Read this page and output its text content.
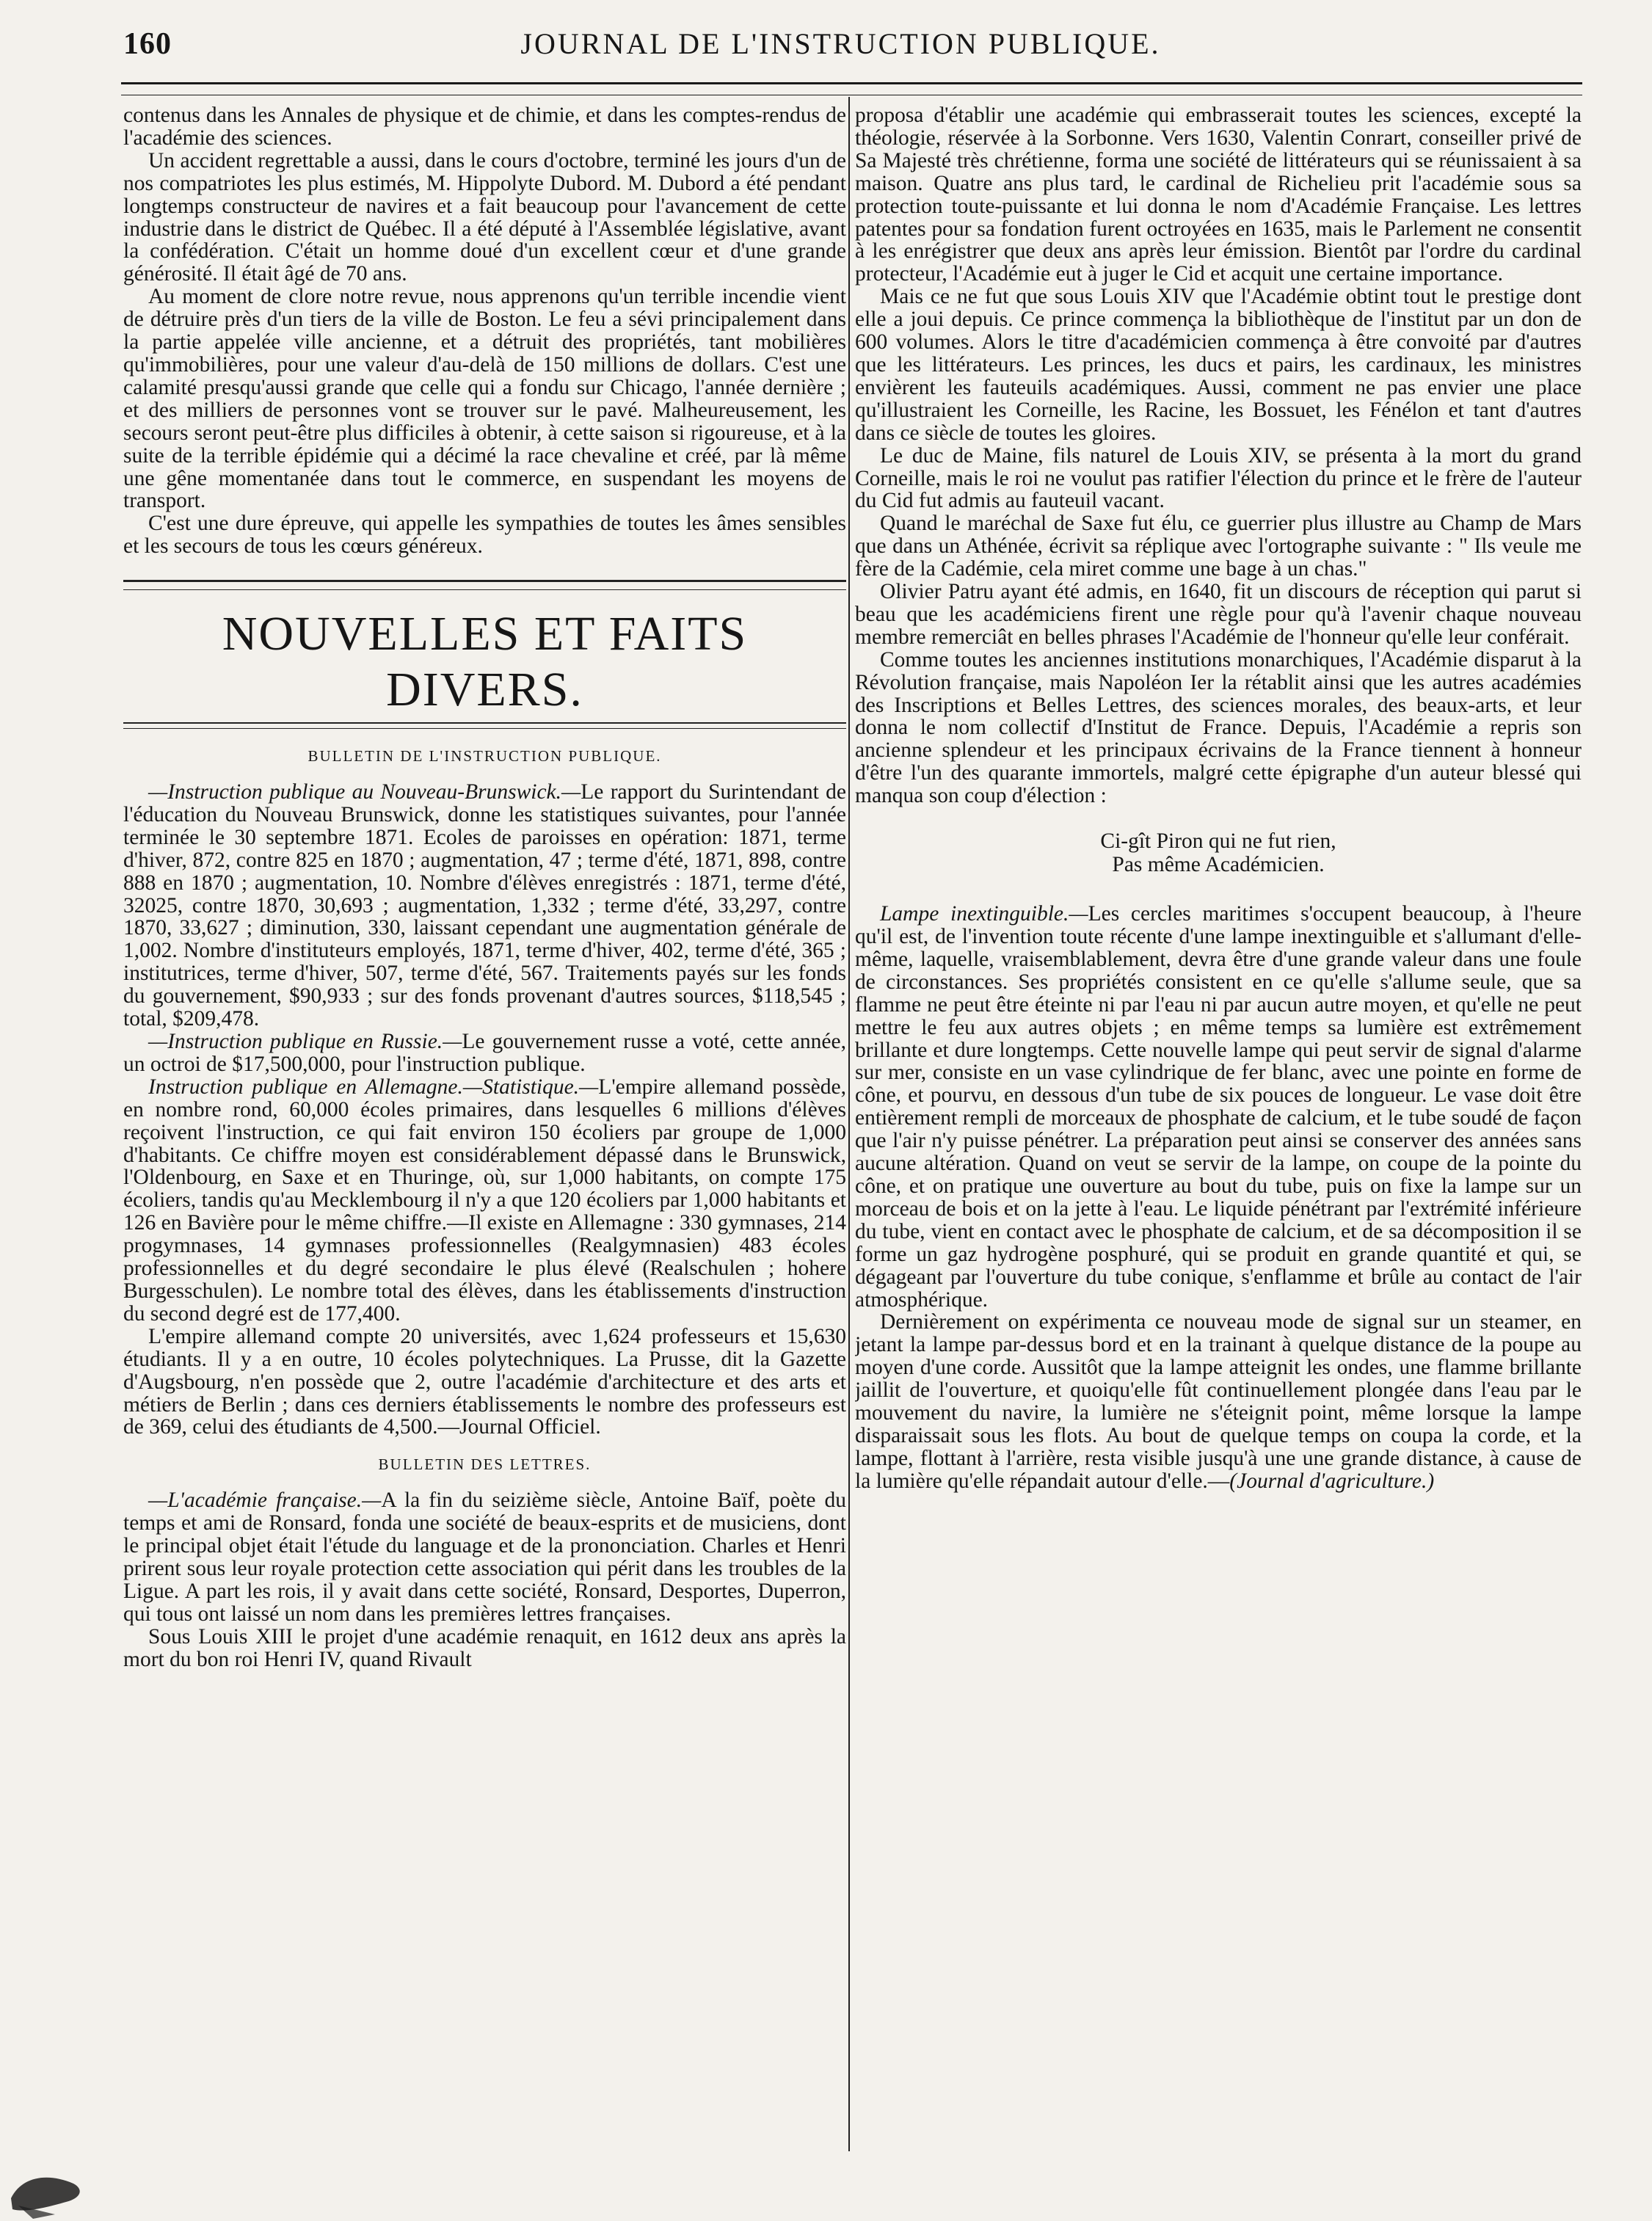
160	JOURNAL DE L'INSTRUCTION PUBLIQUE.

contenus dans les Annales de physique et de chimie, et dans les comptes-rendus de l'académie des sciences.

Un accident regrettable a aussi, dans le cours d'octobre, terminé les jours d'un de nos compatriotes les plus estimés, M. Hippolyte Dubord. M. Dubord a été pendant longtemps constructeur de navires et a fait beaucoup pour l'avancement de cette industrie dans le district de Québec. Il a été député à l'Assemblée législative, avant la confédération. C'était un homme doué d'un excellent cœur et d'une grande générosité. Il était âgé de 70 ans.

Au moment de clore notre revue, nous apprenons qu'un terrible incendie vient de détruire près d'un tiers de la ville de Boston. Le feu a sévi principalement dans la partie appelée ville ancienne, et a détruit des propriétés, tant mobilières qu'immobilières, pour une valeur d'au-delà de 150 millions de dollars. C'est une calamité presqu'aussi grande que celle qui a fondu sur Chicago, l'année dernière ; et des milliers de personnes vont se trouver sur le pavé. Malheureusement, les secours seront peut-être plus difficiles à obtenir, à cette saison si rigoureuse, et à la suite de la terrible épidémie qui a décimé la race chevaline et créé, par là même une gêne momentanée dans tout le commerce, en suspendant les moyens de transport.

C'est une dure épreuve, qui appelle les sympathies de toutes les âmes sensibles et les secours de tous les cœurs généreux.

NOUVELLES ET FAITS DIVERS.
BULLETIN DE L'INSTRUCTION PUBLIQUE.

—Instruction publique au Nouveau-Brunswick.—Le rapport du Surintendant de l'éducation du Nouveau Brunswick, donne les statistiques suivantes, pour l'année terminée le 30 septembre 1871. Ecoles de paroisses en opération: 1871, terme d'hiver, 872, contre 825 en 1870 ; augmentation, 47 ; terme d'été, 1871, 898, contre 888 en 1870 ; augmentation, 10. Nombre d'élèves enregistrés : 1871, terme d'été, 32025, contre 1870, 30,693 ; augmentation, 1,332 ; terme d'été, 33,297, contre 1870, 33,627 ; diminution, 330, laissant cependant une augmentation générale de 1,002. Nombre d'instituteurs employés, 1871, terme d'hiver, 402, terme d'été, 365 ; institutrices, terme d'hiver, 507, terme d'été, 567. Traitements payés sur les fonds du gouvernement, $90,933 ; sur des fonds provenant d'autres sources, $118,545 ; total, $209,478.

—Instruction publique en Russie.—Le gouvernement russe a voté, cette année, un octroi de $17,500,000, pour l'instruction publique.

Instruction publique en Allemagne.—Statistique.—L'empire allemand possède, en nombre rond, 60,000 écoles primaires, dans lesquelles 6 millions d'élèves reçoivent l'instruction, ce qui fait environ 150 écoliers par groupe de 1,000 d'habitants. Ce chiffre moyen est considérablement dépassé dans le Brunswick, l'Oldenbourg, en Saxe et en Thuringe, où, sur 1,000 habitants, on compte 175 écoliers, tandis qu'au Mecklembourg il n'y a que 120 écoliers par 1,000 habitants et 126 en Bavière pour le même chiffre.—Il existe en Allemagne : 330 gymnases, 214 progymnases, 14 gymnases professionnelles (Realgymnasien) 483 écoles professionnelles et du degré secondaire le plus élevé (Realschulen ; hohere Burgesschulen). Le nombre total des élèves, dans les établissements d'instruction du second degré est de 177,400.

L'empire allemand compte 20 universités, avec 1,624 professeurs et 15,630 étudiants. Il y a en outre, 10 écoles polytechniques. La Prusse, dit la Gazette d'Augsbourg, n'en possède que 2, outre l'académie d'architecture et des arts et métiers de Berlin ; dans ces derniers établissements le nombre des professeurs est de 369, celui des étudiants de 4,500.—Journal Officiel.

BULLETIN DES LETTRES.

—L'académie française.—A la fin du seizième siècle, Antoine Baïf, poète du temps et ami de Ronsard, fonda une société de beaux-esprits et de musiciens, dont le principal objet était l'étude du language et de la prononciation. Charles et Henri prirent sous leur royale protection cette association qui périt dans les troubles de la Ligue. A part les rois, il y avait dans cette société, Ronsard, Desportes, Duperron, qui tous ont laissé un nom dans les premières lettres françaises.

Sous Louis XIII le projet d'une académie renaquit, en 1612 deux ans après la mort du bon roi Henri IV, quand Rivault

proposa d'établir une académie qui embrasserait toutes les sciences, excepté la théologie, réservée à la Sorbonne. Vers 1630, Valentin Conrart, conseiller privé de Sa Majesté très chrétienne, forma une société de littérateurs qui se réunissaient à sa maison. Quatre ans plus tard, le cardinal de Richelieu prit l'académie sous sa protection toute-puissante et lui donna le nom d'Académie Française. Les lettres patentes pour sa fondation furent octroyées en 1635, mais le Parlement ne consentit à les enrégistrer que deux ans après leur émission. Bientôt par l'ordre du cardinal protecteur, l'Académie eut à juger le Cid et acquit une certaine importance.

Mais ce ne fut que sous Louis XIV que l'Académie obtint tout le prestige dont elle a joui depuis. Ce prince commença la bibliothèque de l'institut par un don de 600 volumes. Alors le titre d'académicien commença à être convoité par d'autres que les littérateurs. Les princes, les ducs et pairs, les cardinaux, les ministres envièrent les fauteuils académiques. Aussi, comment ne pas envier une place qu'illustraient les Corneille, les Racine, les Bossuet, les Fénélon et tant d'autres dans ce siècle de toutes les gloires.

Le duc de Maine, fils naturel de Louis XIV, se présenta à la mort du grand Corneille, mais le roi ne voulut pas ratifier l'élection du prince et le frère de l'auteur du Cid fut admis au fauteuil vacant.

Quand le maréchal de Saxe fut élu, ce guerrier plus illustre au Champ de Mars que dans un Athénée, écrivit sa réplique avec l'ortographe suivante : " Ils veule me fère de la Cadémie, cela miret comme une bage à un chas."

Olivier Patru ayant été admis, en 1640, fit un discours de réception qui parut si beau que les académiciens firent une règle pour qu'à l'avenir chaque nouveau membre remerciât en belles phrases l'Académie de l'honneur qu'elle leur conférait.

Comme toutes les anciennes institutions monarchiques, l'Académie disparut à la Révolution française, mais Napoléon Ier la rétablit ainsi que les autres académies des Inscriptions et Belles Lettres, des sciences morales, des beaux-arts, et leur donna le nom collectif d'Institut de France. Depuis, l'Académie a repris son ancienne splendeur et les principaux écrivains de la France tiennent à honneur d'être l'un des quarante immortels, malgré cette épigraphe d'un auteur blessé qui manqua son coup d'élection :

Ci-gît Piron qui ne fut rien,
Pas même Académicien.

Lampe inextinguible.—Les cercles maritimes s'occupent beaucoup, à l'heure qu'il est, de l'invention toute récente d'une lampe inextinguible et s'allumant d'elle-même, laquelle, vraisemblablement, devra être d'une grande valeur dans une foule de circonstances. Ses propriétés consistent en ce qu'elle s'allume seule, que sa flamme ne peut être éteinte ni par l'eau ni par aucun autre moyen, et qu'elle ne peut mettre le feu aux autres objets ; en même temps sa lumière est extrêmement brillante et dure longtemps. Cette nouvelle lampe qui peut servir de signal d'alarme sur mer, consiste en un vase cylindrique de fer blanc, avec une pointe en forme de cône, et pourvu, en dessous d'un tube de six pouces de longueur. Le vase doit être entièrement rempli de morceaux de phosphate de calcium, et le tube soudé de façon que l'air n'y puisse pénétrer. La préparation peut ainsi se conserver des années sans aucune altération. Quand on veut se servir de la lampe, on coupe de la pointe du cône, et on pratique une ouverture au bout du tube, puis on fixe la lampe sur un morceau de bois et on la jette à l'eau. Le liquide pénétrant par l'extrémité inférieure du tube, vient en contact avec le phosphate de calcium, et de sa décomposition il se forme un gaz hydrogène posphuré, qui se produit en grande quantité et qui, se dégageant par l'ouverture du tube conique, s'enflamme et brûle au contact de l'air atmosphérique.

Dernièrement on expérimenta ce nouveau mode de signal sur un steamer, en jetant la lampe par-dessus bord et en la trainant à quelque distance de la poupe au moyen d'une corde. Aussitôt que la lampe atteignit les ondes, une flamme brillante jaillit de l'ouverture, et quoiqu'elle fût continuellement plongée dans l'eau par le mouvement du navire, la lumière ne s'éteignit point, même lorsque la lampe disparaissait sous les flots. Au bout de quelque temps on coupa la corde, et la lampe, flottant à l'arrière, resta visible jusqu'à une une grande distance, à cause de la lumière qu'elle répandait autour d'elle.—(Journal d'agriculture.)
